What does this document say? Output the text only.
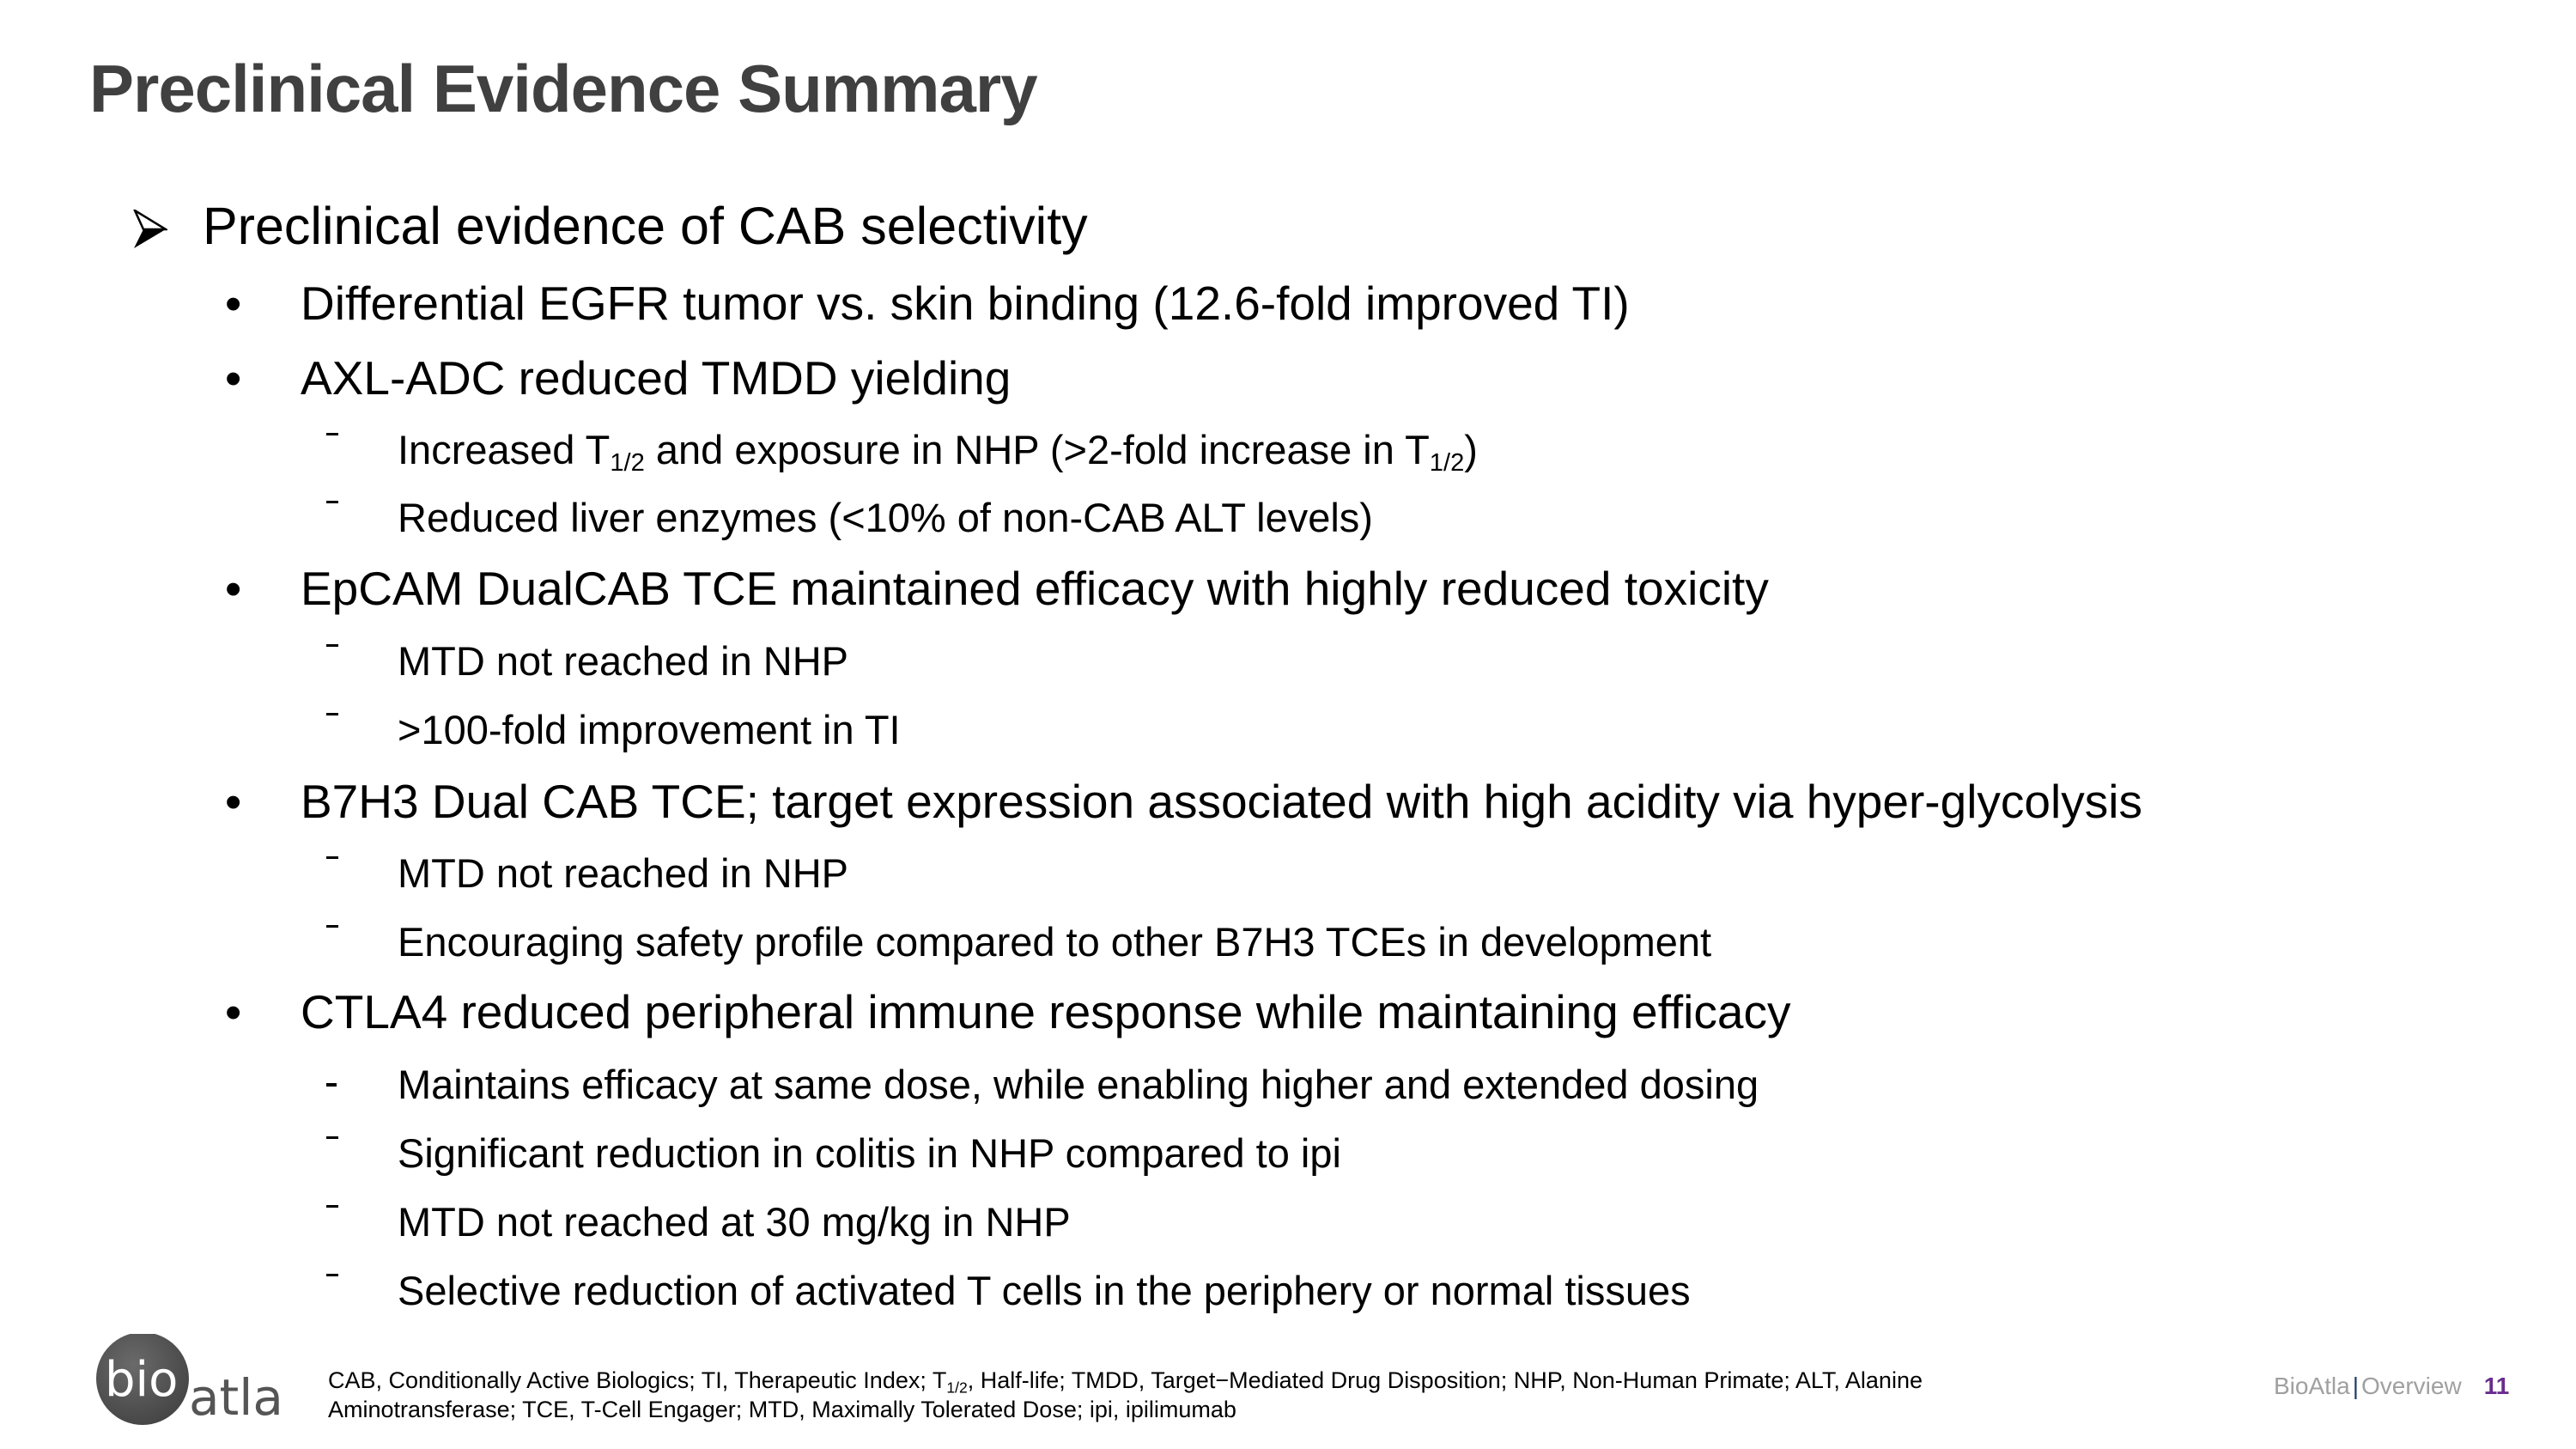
Preclinical Evidence Summary
Preclinical evidence of CAB selectivity
• Differential EGFR tumor vs. skin binding (12.6-fold improved TI)
• AXL-ADC reduced TMDD yielding
Increased $T_{1/2}$ and exposure in NHP (>2-fold increase in $T_{1/2}$)
Reduced liver enzymes (<10% of non-CAB ALT levels)
• EpCAM DualCAB TCE maintained efficacy with highly reduced toxicity
MTD not reached in NHP
>100-fold improvement in TI
• B7H3 Dual CAB TCE; target expression associated with high acidity via hyper-glycolysis
MTD not reached in NHP
Encouraging safety profile compared to other B7H3 TCEs in development
• CTLA4 reduced peripheral immune response while maintaining efficacy
Maintains efficacy at same dose, while enabling higher and extended dosing
Significant reduction in colitis in NHP compared to ipi
MTD not reached at 30 mg/kg in NHP
Selective reduction of activated T cells in the periphery or normal tissues
bio atla CAB, Conditionally Active Biologics; TI, Therapeutic Index; $T_{1/2}$, Half-life; TMDD, Target−Mediated Drug Disposition; NHP, Non-Human Primate; ALT, Alanine
Aminotransferase; TCE, T-Cell Engager; MTD, Maximally Tolerated Dose; ipi, ipilimumab
BioAtla | Overview 11
